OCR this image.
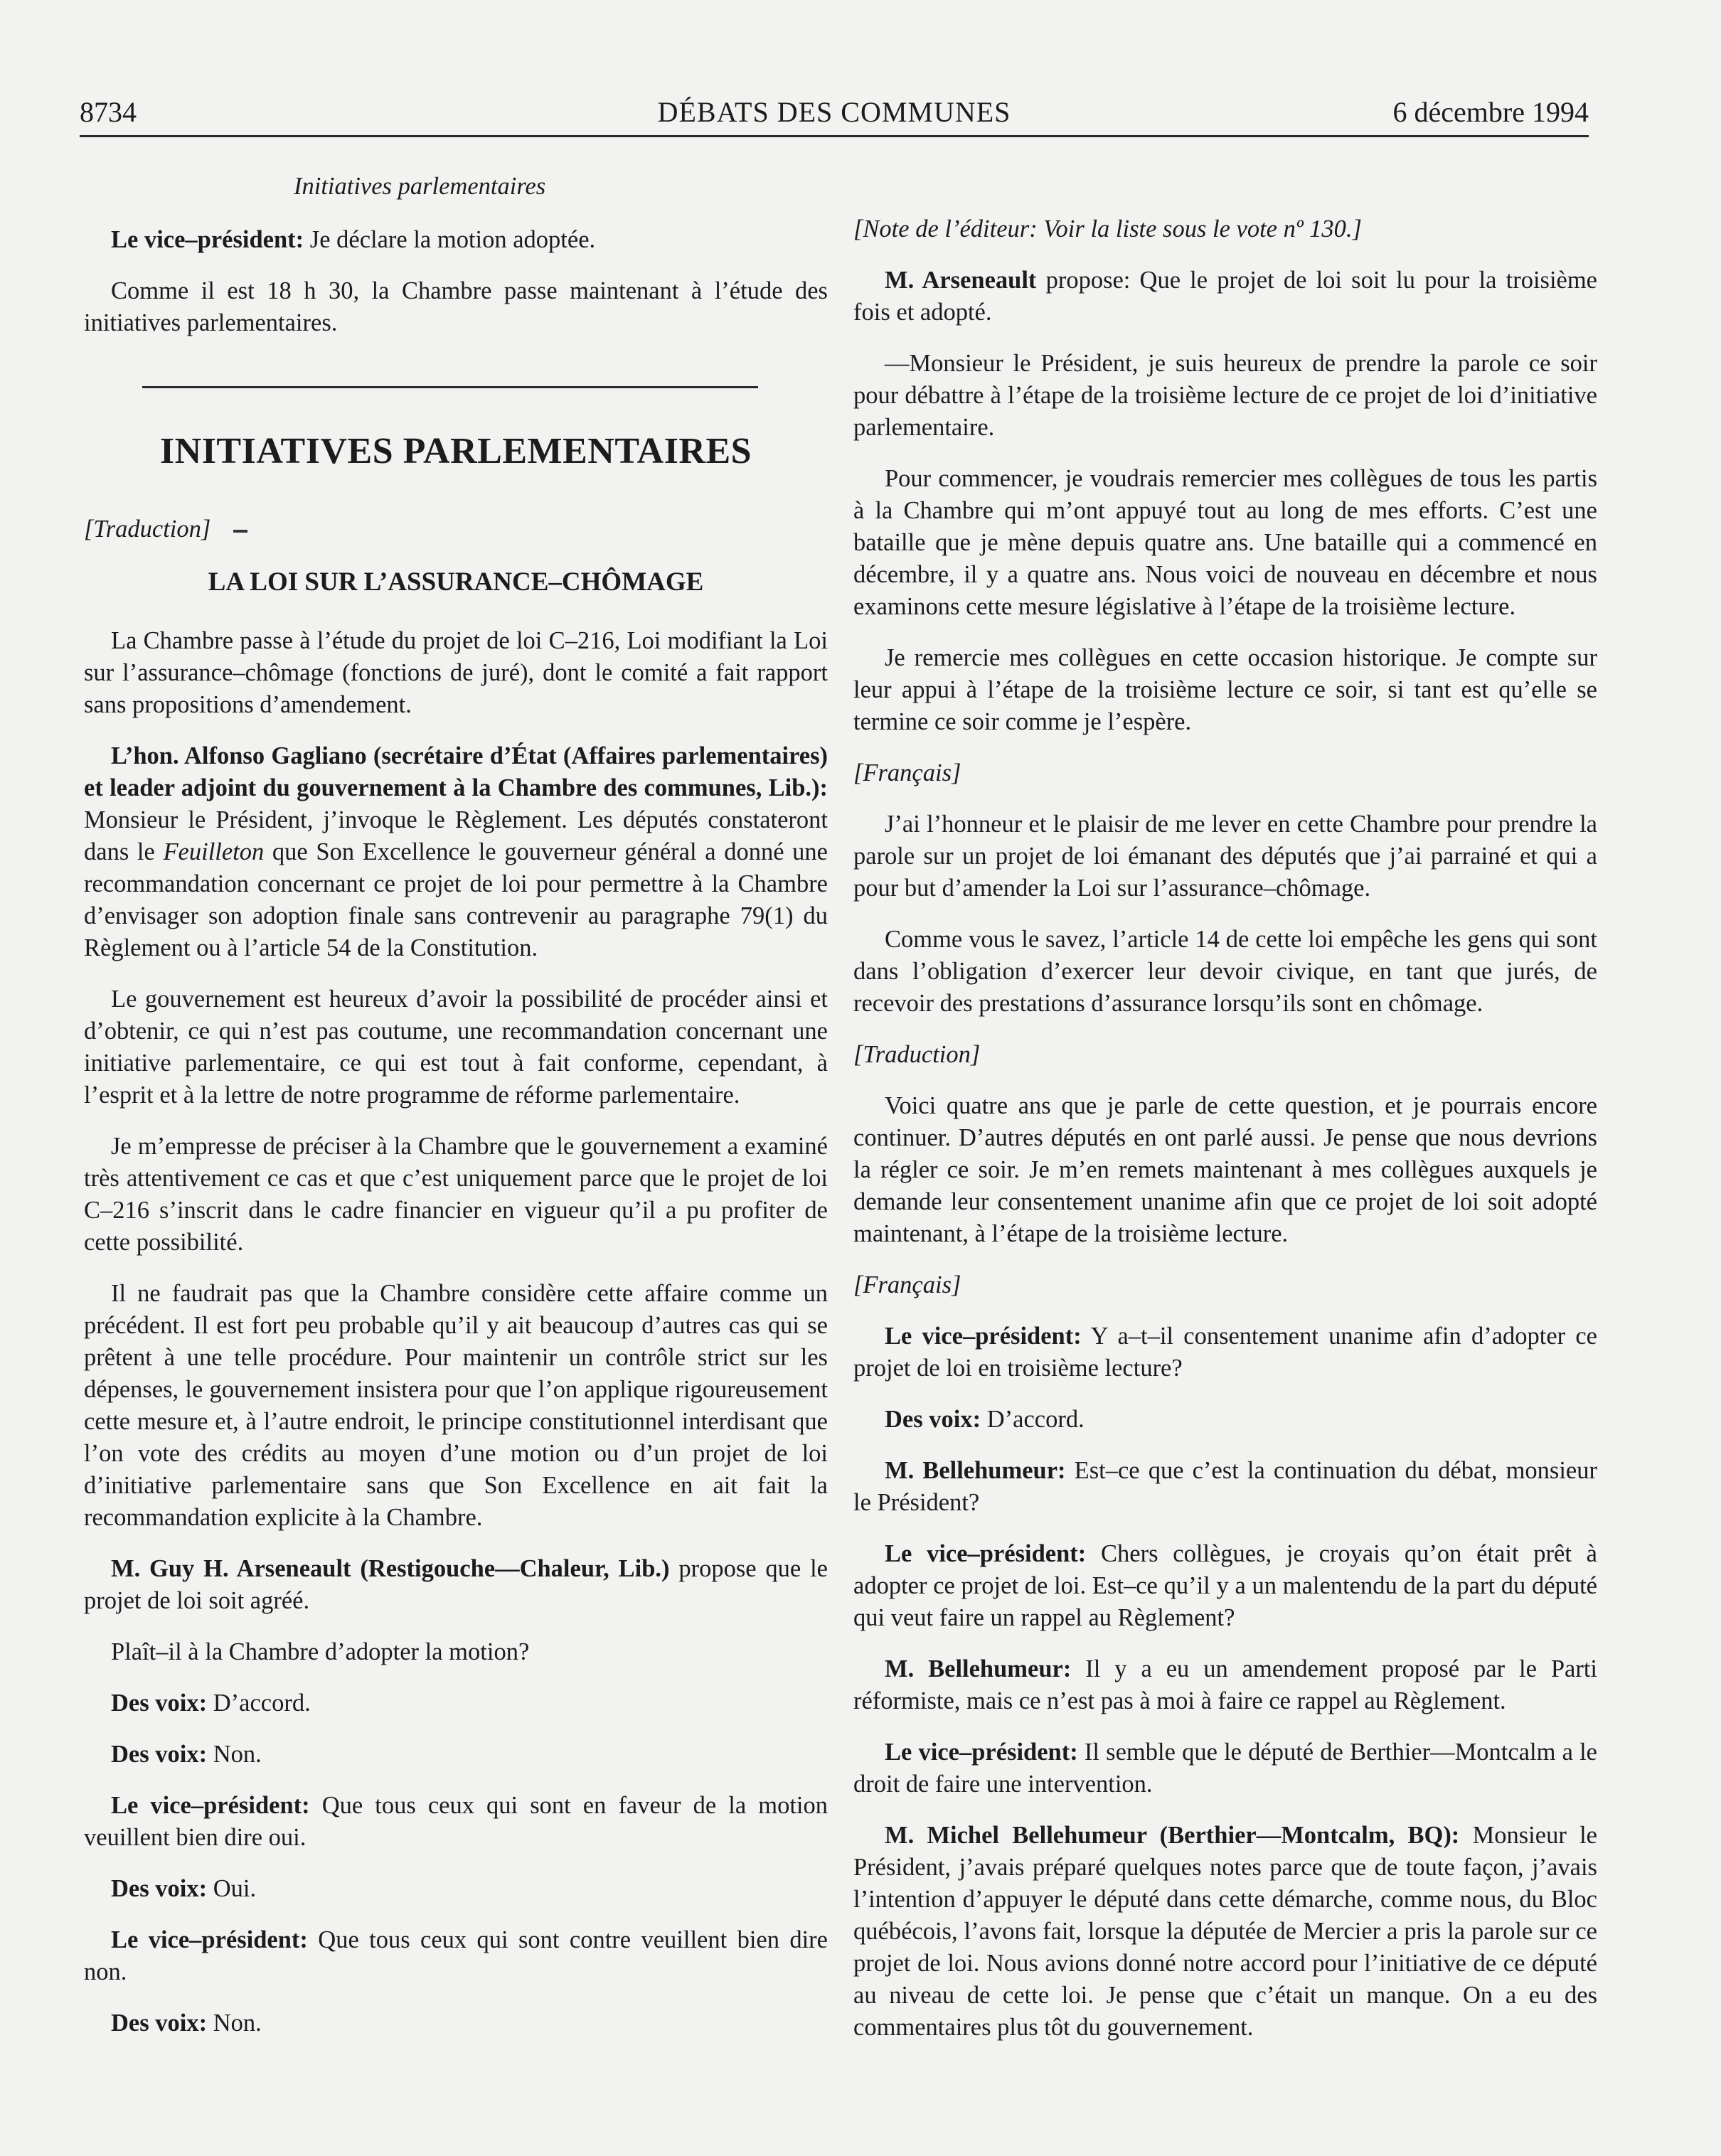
8734	DÉBATS DES COMMUNES	6 décembre 1994

Initiatives parlementaires

Le vice–président: Je déclare la motion adoptée.

Comme il est 18 h 30, la Chambre passe maintenant à l’étude des initiatives parlementaires.

INITIATIVES PARLEMENTAIRES

[Traduction]

LA LOI SUR L’ASSURANCE–CHÔMAGE

La Chambre passe à l’étude du projet de loi C–216, Loi modifiant la Loi sur l’assurance–chômage (fonctions de juré), dont le comité a fait rapport sans propositions d’amendement.

L’hon. Alfonso Gagliano (secrétaire d’État (Affaires parlementaires) et leader adjoint du gouvernement à la Chambre des communes, Lib.): Monsieur le Président, j’invoque le Règlement. Les députés constateront dans le Feuilleton que Son Excellence le gouverneur général a donné une recommandation concernant ce projet de loi pour permettre à la Chambre d’envisager son adoption finale sans contrevenir au paragraphe 79(1) du Règlement ou à l’article 54 de la Constitution.

Le gouvernement est heureux d’avoir la possibilité de procéder ainsi et d’obtenir, ce qui n’est pas coutume, une recommandation concernant une initiative parlementaire, ce qui est tout à fait conforme, cependant, à l’esprit et à la lettre de notre programme de réforme parlementaire.

Je m’empresse de préciser à la Chambre que le gouvernement a examiné très attentivement ce cas et que c’est uniquement parce que le projet de loi C–216 s’inscrit dans le cadre financier en vigueur qu’il a pu profiter de cette possibilité.

Il ne faudrait pas que la Chambre considère cette affaire comme un précédent. Il est fort peu probable qu’il y ait beaucoup d’autres cas qui se prêtent à une telle procédure. Pour maintenir un contrôle strict sur les dépenses, le gouvernement insistera pour que l’on applique rigoureusement cette mesure et, à l’autre endroit, le principe constitutionnel interdisant que l’on vote des crédits au moyen d’une motion ou d’un projet de loi d’initiative parlementaire sans que Son Excellence en ait fait la recommandation explicite à la Chambre.

M. Guy H. Arseneault (Restigouche—Chaleur, Lib.) propose que le projet de loi soit agréé.

Plaît–il à la Chambre d’adopter la motion?

Des voix: D’accord.

Des voix: Non.

Le vice–président: Que tous ceux qui sont en faveur de la motion veuillent bien dire oui.

Des voix: Oui.

Le vice–président: Que tous ceux qui sont contre veuillent bien dire non.

Des voix: Non.

[Note de l’éditeur: Voir la liste sous le vote nº 130.]

M. Arseneault propose: Que le projet de loi soit lu pour la troisième fois et adopté.

—Monsieur le Président, je suis heureux de prendre la parole ce soir pour débattre à l’étape de la troisième lecture de ce projet de loi d’initiative parlementaire.

Pour commencer, je voudrais remercier mes collègues de tous les partis à la Chambre qui m’ont appuyé tout au long de mes efforts. C’est une bataille que je mène depuis quatre ans. Une bataille qui a commencé en décembre, il y a quatre ans. Nous voici de nouveau en décembre et nous examinons cette mesure législative à l’étape de la troisième lecture.

Je remercie mes collègues en cette occasion historique. Je compte sur leur appui à l’étape de la troisième lecture ce soir, si tant est qu’elle se termine ce soir comme je l’espère.

[Français]

J’ai l’honneur et le plaisir de me lever en cette Chambre pour prendre la parole sur un projet de loi émanant des députés que j’ai parrainé et qui a pour but d’amender la Loi sur l’assurance–chômage.

Comme vous le savez, l’article 14 de cette loi empêche les gens qui sont dans l’obligation d’exercer leur devoir civique, en tant que jurés, de recevoir des prestations d’assurance lorsqu’ils sont en chômage.

[Traduction]

Voici quatre ans que je parle de cette question, et je pourrais encore continuer. D’autres députés en ont parlé aussi. Je pense que nous devrions la régler ce soir. Je m’en remets maintenant à mes collègues auxquels je demande leur consentement unanime afin que ce projet de loi soit adopté maintenant, à l’étape de la troisième lecture.

[Français]

Le vice–président: Y a–t–il consentement unanime afin d’adopter ce projet de loi en troisième lecture?

Des voix: D’accord.

M. Bellehumeur: Est–ce que c’est la continuation du débat, monsieur le Président?

Le vice–président: Chers collègues, je croyais qu’on était prêt à adopter ce projet de loi. Est–ce qu’il y a un malentendu de la part du député qui veut faire un rappel au Règlement?

M. Bellehumeur: Il y a eu un amendement proposé par le Parti réformiste, mais ce n’est pas à moi à faire ce rappel au Règlement.

Le vice–président: Il semble que le député de Berthier—Montcalm a le droit de faire une intervention.

M. Michel Bellehumeur (Berthier—Montcalm, BQ): Monsieur le Président, j’avais préparé quelques notes parce que de toute façon, j’avais l’intention d’appuyer le député dans cette démarche, comme nous, du Bloc québécois, l’avons fait, lorsque la députée de Mercier a pris la parole sur ce projet de loi. Nous avions donné notre accord pour l’initiative de ce député au niveau de cette loi. Je pense que c’était un manque. On a eu des commentaires plus tôt du gouvernement.
